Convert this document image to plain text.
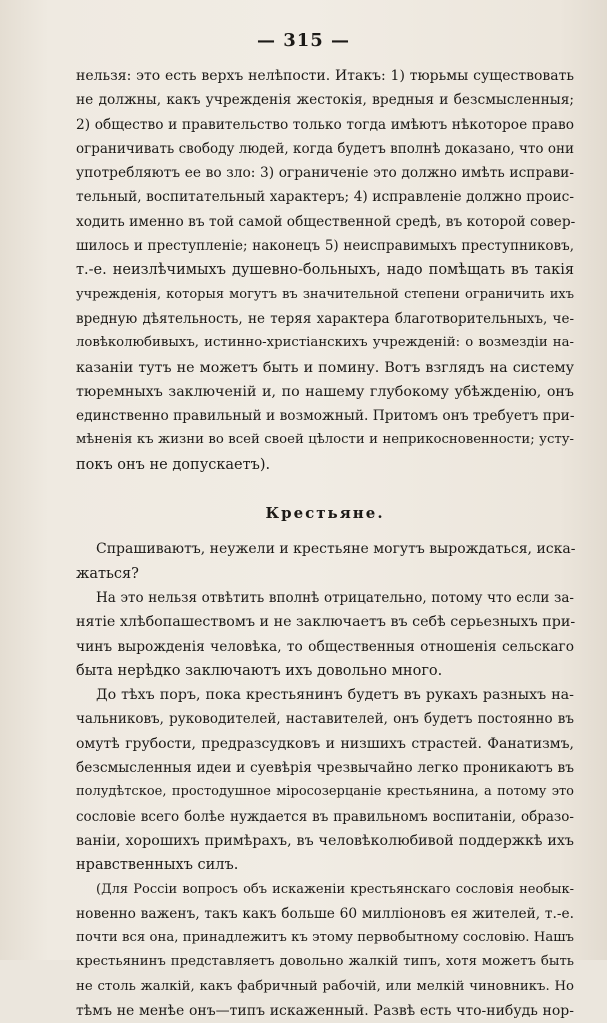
— 315 —
нельзя: это есть верхъ нелѣпости. Итакъ: 1) тюрьмы существовать
не должны, какъ учрежденія жестокія, вредныя и безсмысленныя;
2) общество и правительство только тогда имѣютъ нѣкоторое право
ограничивать свободу людей, когда будетъ вполнѣ доказано, что они
употребляютъ ее во зло: 3) ограниченіе это должно имѣть исправи-
тельный, воспитательный характеръ; 4) исправленіе должно проис-
ходить именно въ той самой общественной средѣ, въ которой совер-
шилось и преступленіе; наконецъ 5) неисправимыхъ преступниковъ,
т.-е. неизлѣчимыхъ душевно-больныхъ, надо помѣщать въ такія
учрежденія, которыя могутъ въ значительной степени ограничить ихъ
вредную дѣятельность, не теряя характера благотворительныхъ, че-
ловѣколюбивыхъ, истинно-христіанскихъ учрежденій: о возмездіи на-
казаніи тутъ не можетъ быть и помину. Вотъ взглядъ на систему
тюремныхъ заключеній и, по нашему глубокому убѣжденію, онъ
единственно правильный и возможный. Притомъ онъ требуетъ при-
мѣненія къ жизни во всей своей цѣлости и неприкосновенности; усту-
покъ онъ не допускаетъ).
Крестьяне.
Спрашиваютъ, неужели и крестьяне могутъ вырождаться, иска-
жаться?
На это нельзя отвѣтить вполнѣ отрицательно, потому что если за-
нятіе хлѣбопашествомъ и не заключаетъ въ себѣ серьезныхъ при-
чинъ вырожденія человѣка, то общественныя отношенія сельскаго
быта нерѣдко заключаютъ ихъ довольно много.
До тѣхъ поръ, пока крестьянинъ будетъ въ рукахъ разныхъ на-
чальниковъ, руководителей, наставителей, онъ будетъ постоянно въ
омутѣ грубости, предразсудковъ и низшихъ страстей. Фанатизмъ,
безсмысленныя идеи и суевѣрія чрезвычайно легко проникаютъ въ
полудѣтское, простодушное міросозерцаніе крестьянина, а потому это
сословіе всего болѣе нуждается въ правильномъ воспитаніи, образо-
ваніи, хорошихъ примѣрахъ, въ человѣколюбивой поддержкѣ ихъ
нравственныхъ силъ.
(Для Россіи вопросъ объ искаженіи крестьянскаго сословія необык-
новенно важенъ, такъ какъ больше 60 милліоновъ ея жителей, т.-е.
почти вся она, принадлежитъ къ этому первобытному сословію. Нашъ
крестьянинъ представляетъ довольно жалкій типъ, хотя можетъ быть
не столь жалкій, какъ фабричный рабочій, или мелкій чиновникъ. Но
тѣмъ не менѣе онъ—типъ искаженный. Развѣ есть что-нибудь нор-
